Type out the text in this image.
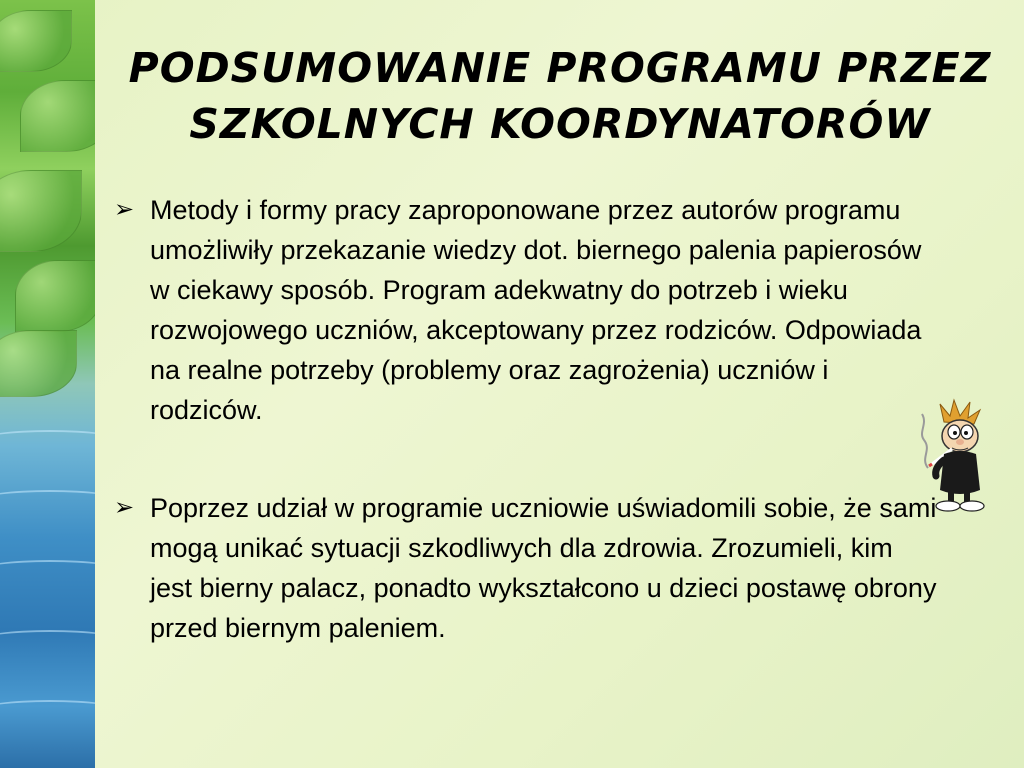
PODSUMOWANIE PROGRAMU PRZEZ
SZKOLNYCH KOORDYNATORÓW
➢ Metody i formy pracy zaproponowane przez autorów programu umożliwiły przekazanie wiedzy dot. biernego palenia papierosów w ciekawy sposób. Program adekwatny do potrzeb i wieku rozwojowego uczniów, akceptowany przez rodziców. Odpowiada na realne potrzeby (problemy oraz zagrożenia) uczniów i rodziców.
➢ Poprzez udział w programie uczniowie uświadomili sobie, że sami mogą unikać sytuacji szkodliwych dla zdrowia. Zrozumieli, kim jest bierny palacz, ponadto wykształcono u dzieci postawę obrony przed biernym paleniem.
